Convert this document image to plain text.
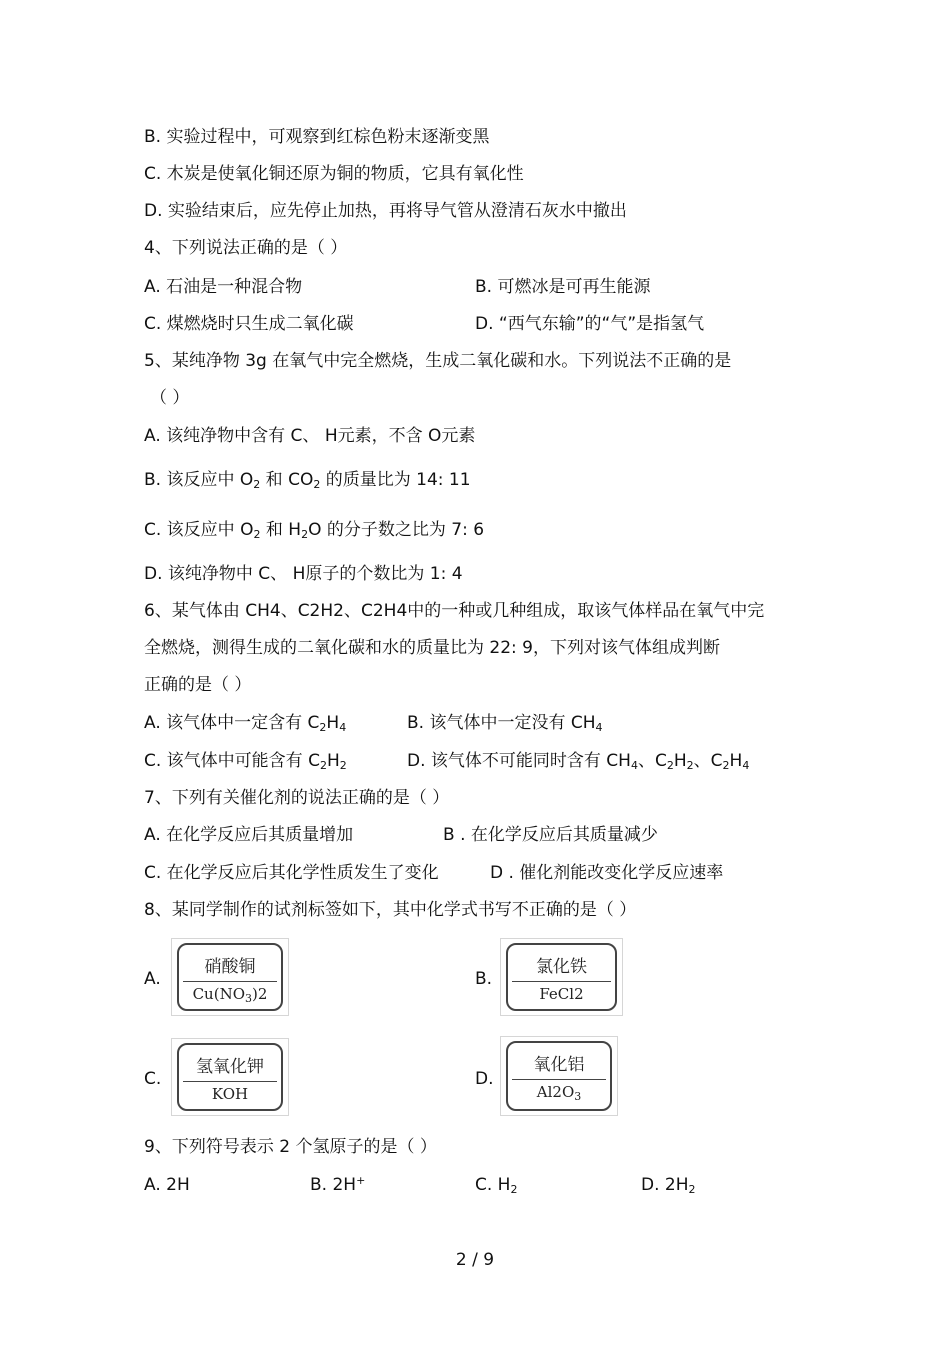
B. 实验过程中，可观察到红棕色粉末逐渐变黑
C. 木炭是使氧化铜还原为铜的物质，它具有氧化性
D. 实验结束后，应先停止加热，再将导气管从澄清石灰水中撤出
4、下列说法正确的是（ ）
A. 石油是一种混合物	B. 可燃冰是可再生能源
C. 煤燃烧时只生成二氧化碳	D. “西气东输”的“气”是指氢气
5、某纯净物 3g 在氧气中完全燃烧，生成二氧化碳和水。下列说法不正确的是
（ ）
A. 该纯净物中含有 C、 H元素，不含 O元素
B. 该反应中 $O_2$ 和 $CO_2$ 的质量比为 14: 11
C. 该反应中 $O_2$ 和 $H_2O$ 的分子数之比为 7: 6
D. 该纯净物中 C、 H原子的个数比为 1: 4
6、某气体由 CH4、C2H2、C2H4中的一种或几种组成，取该气体样品在氧气中完
全燃烧，测得生成的二氧化碳和水的质量比为 22: 9，下列对该气体组成判断
正确的是（ ）
A. 该气体中一定含有 $C_2H_4$	B. 该气体中一定没有 $CH_4$
C. 该气体中可能含有 $C_2H_2$	D. 该气体不可能同时含有 $CH_4$、$C_2H_2$、$C_2H_4$
7、下列有关催化剂的说法正确的是（ ）
A. 在化学反应后其质量增加	B . 在化学反应后其质量减少
C. 在化学反应后其化学性质发生了变化	D . 催化剂能改变化学反应速率
8、某同学制作的试剂标签如下，其中化学式书写不正确的是（ ）
A.
硝酸铜
$Cu(NO_3)2$
B.
氯化铁
FeCl2
C.
氢氧化钾
KOH
D.
氧化铝
$Al2O_3$
9、下列符号表示 2 个氢原子的是（ ）
A. 2H	B. 2H+	C. $H_2$	D. $2H_2$
2 / 9
